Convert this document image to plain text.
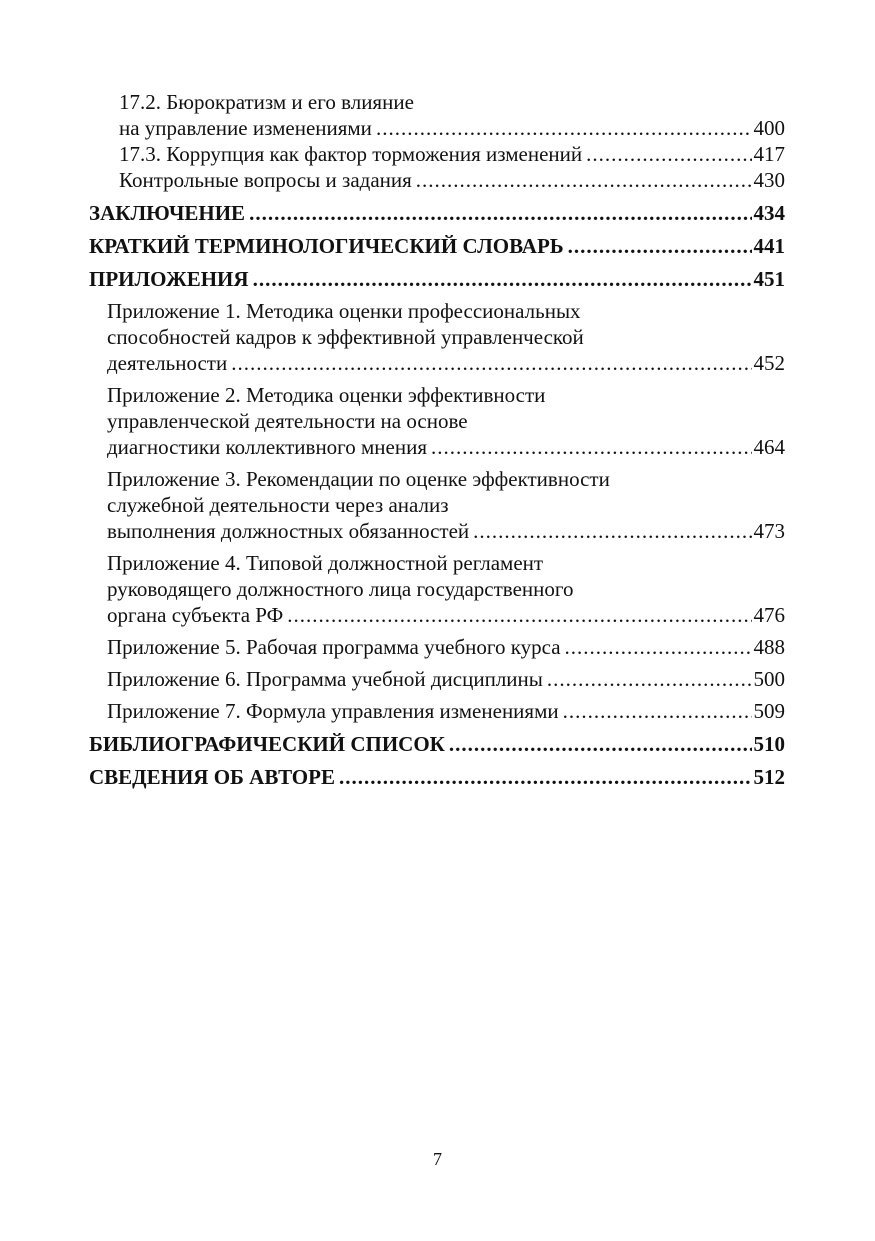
17.2. Бюрократизм и его влияние
на управление изменениями .....	400
17.3. Коррупция как фактор торможения изменений .....	417
Контрольные вопросы и задания .....	430
ЗАКЛЮЧЕНИЕ .....	434
КРАТКИЙ ТЕРМИНОЛОГИЧЕСКИЙ СЛОВАРЬ .....	441
ПРИЛОЖЕНИЯ .....	451
Приложение 1. Методика оценки профессиональных
способностей кадров к эффективной управленческой
деятельности .....	452
Приложение 2. Методика оценки эффективности
управленческой деятельности на основе
диагностики коллективного мнения .....	464
Приложение 3. Рекомендации по оценке эффективности
служебной деятельности через анализ
выполнения должностных обязанностей .....	473
Приложение 4. Типовой должностной регламент
руководящего должностного лица государственного
органа субъекта РФ .....	476
Приложение 5. Рабочая программа учебного курса .....	488
Приложение 6. Программа учебной дисциплины .....	500
Приложение 7. Формула управления изменениями .....	509
БИБЛИОГРАФИЧЕСКИЙ СПИСОК .....	510
СВЕДЕНИЯ ОБ АВТОРЕ .....	512
7
